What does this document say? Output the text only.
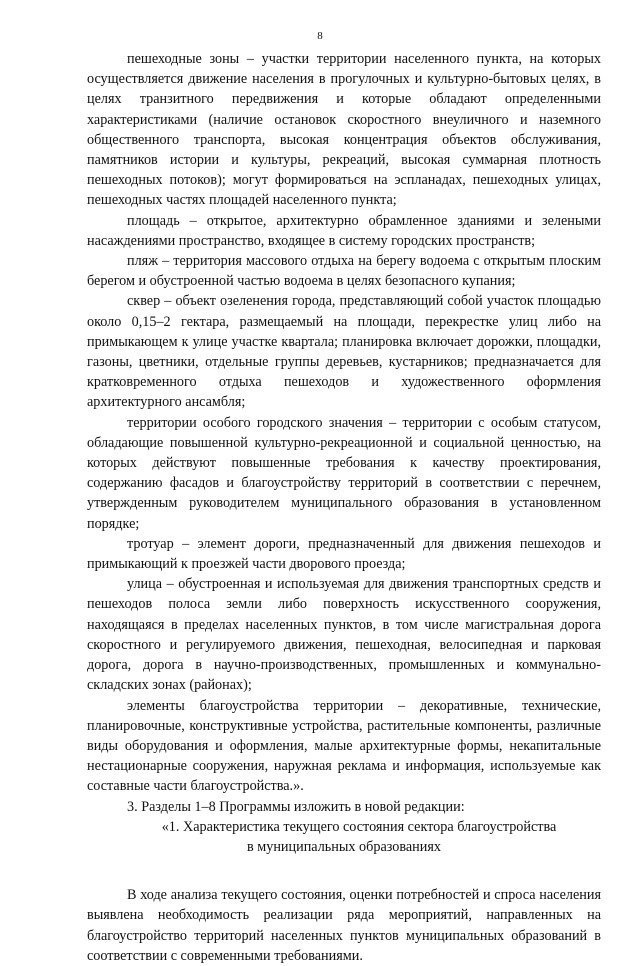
8

пешеходные зоны – участки территории населенного пункта, на которых осуществляется движение населения в прогулочных и культурно-бытовых целях, в целях транзитного передвижения и которые обладают определенными характеристиками (наличие остановок скоростного внеуличного и наземного общественного транспорта, высокая концентрация объектов обслуживания, памятников истории и культуры, рекреаций, высокая суммарная плотность пешеходных потоков); могут формироваться на эспланадах, пешеходных улицах, пешеходных частях площадей населенного пункта;

площадь – открытое, архитектурно обрамленное зданиями и зелеными насаждениями пространство, входящее в систему городских пространств;

пляж – территория массового отдыха на берегу водоема с открытым плоским берегом и обустроенной частью водоема в целях безопасного купания;

сквер – объект озеленения города, представляющий собой участок площадью около 0,15–2 гектара, размещаемый на площади, перекрестке улиц либо на примыкающем к улице участке квартала; планировка включает дорожки, площадки, газоны, цветники, отдельные группы деревьев, кустарников; предназначается для кратковременного отдыха пешеходов и художественного оформления архитектурного ансамбля;

территории особого городского значения – территории с особым статусом, обладающие повышенной культурно-рекреационной и социальной ценностью, на которых действуют повышенные требования к качеству проектирования, содержанию фасадов и благоустройству территорий в соответствии с перечнем, утвержденным руководителем муниципального образования в установленном порядке;

тротуар – элемент дороги, предназначенный для движения пешеходов и примыкающий к проезжей части дворового проезда;

улица – обустроенная и используемая для движения транспортных средств и пешеходов полоса земли либо поверхность искусственного сооружения, находящаяся в пределах населенных пунктов, в том числе магистральная дорога скоростного и регулируемого движения, пешеходная, велосипедная и парковая дорога, дорога в научно-производственных, промышленных и коммунально-складских зонах (районах);

элементы благоустройства территории – декоративные, технические, планировочные, конструктивные устройства, растительные компоненты, различные виды оборудования и оформления, малые архитектурные формы, некапитальные нестационарные сооружения, наружная реклама и информация, используемые как составные части благоустройства.».

3. Разделы 1–8 Программы изложить в новой редакции:

«1. Характеристика текущего состояния сектора благоустройства

в муниципальных образованиях

В ходе анализа текущего состояния, оценки потребностей и спроса населения выявлена необходимость реализации ряда мероприятий, направленных на благоустройство территорий населенных пунктов муниципальных образований в соответствии с современными требованиями.
